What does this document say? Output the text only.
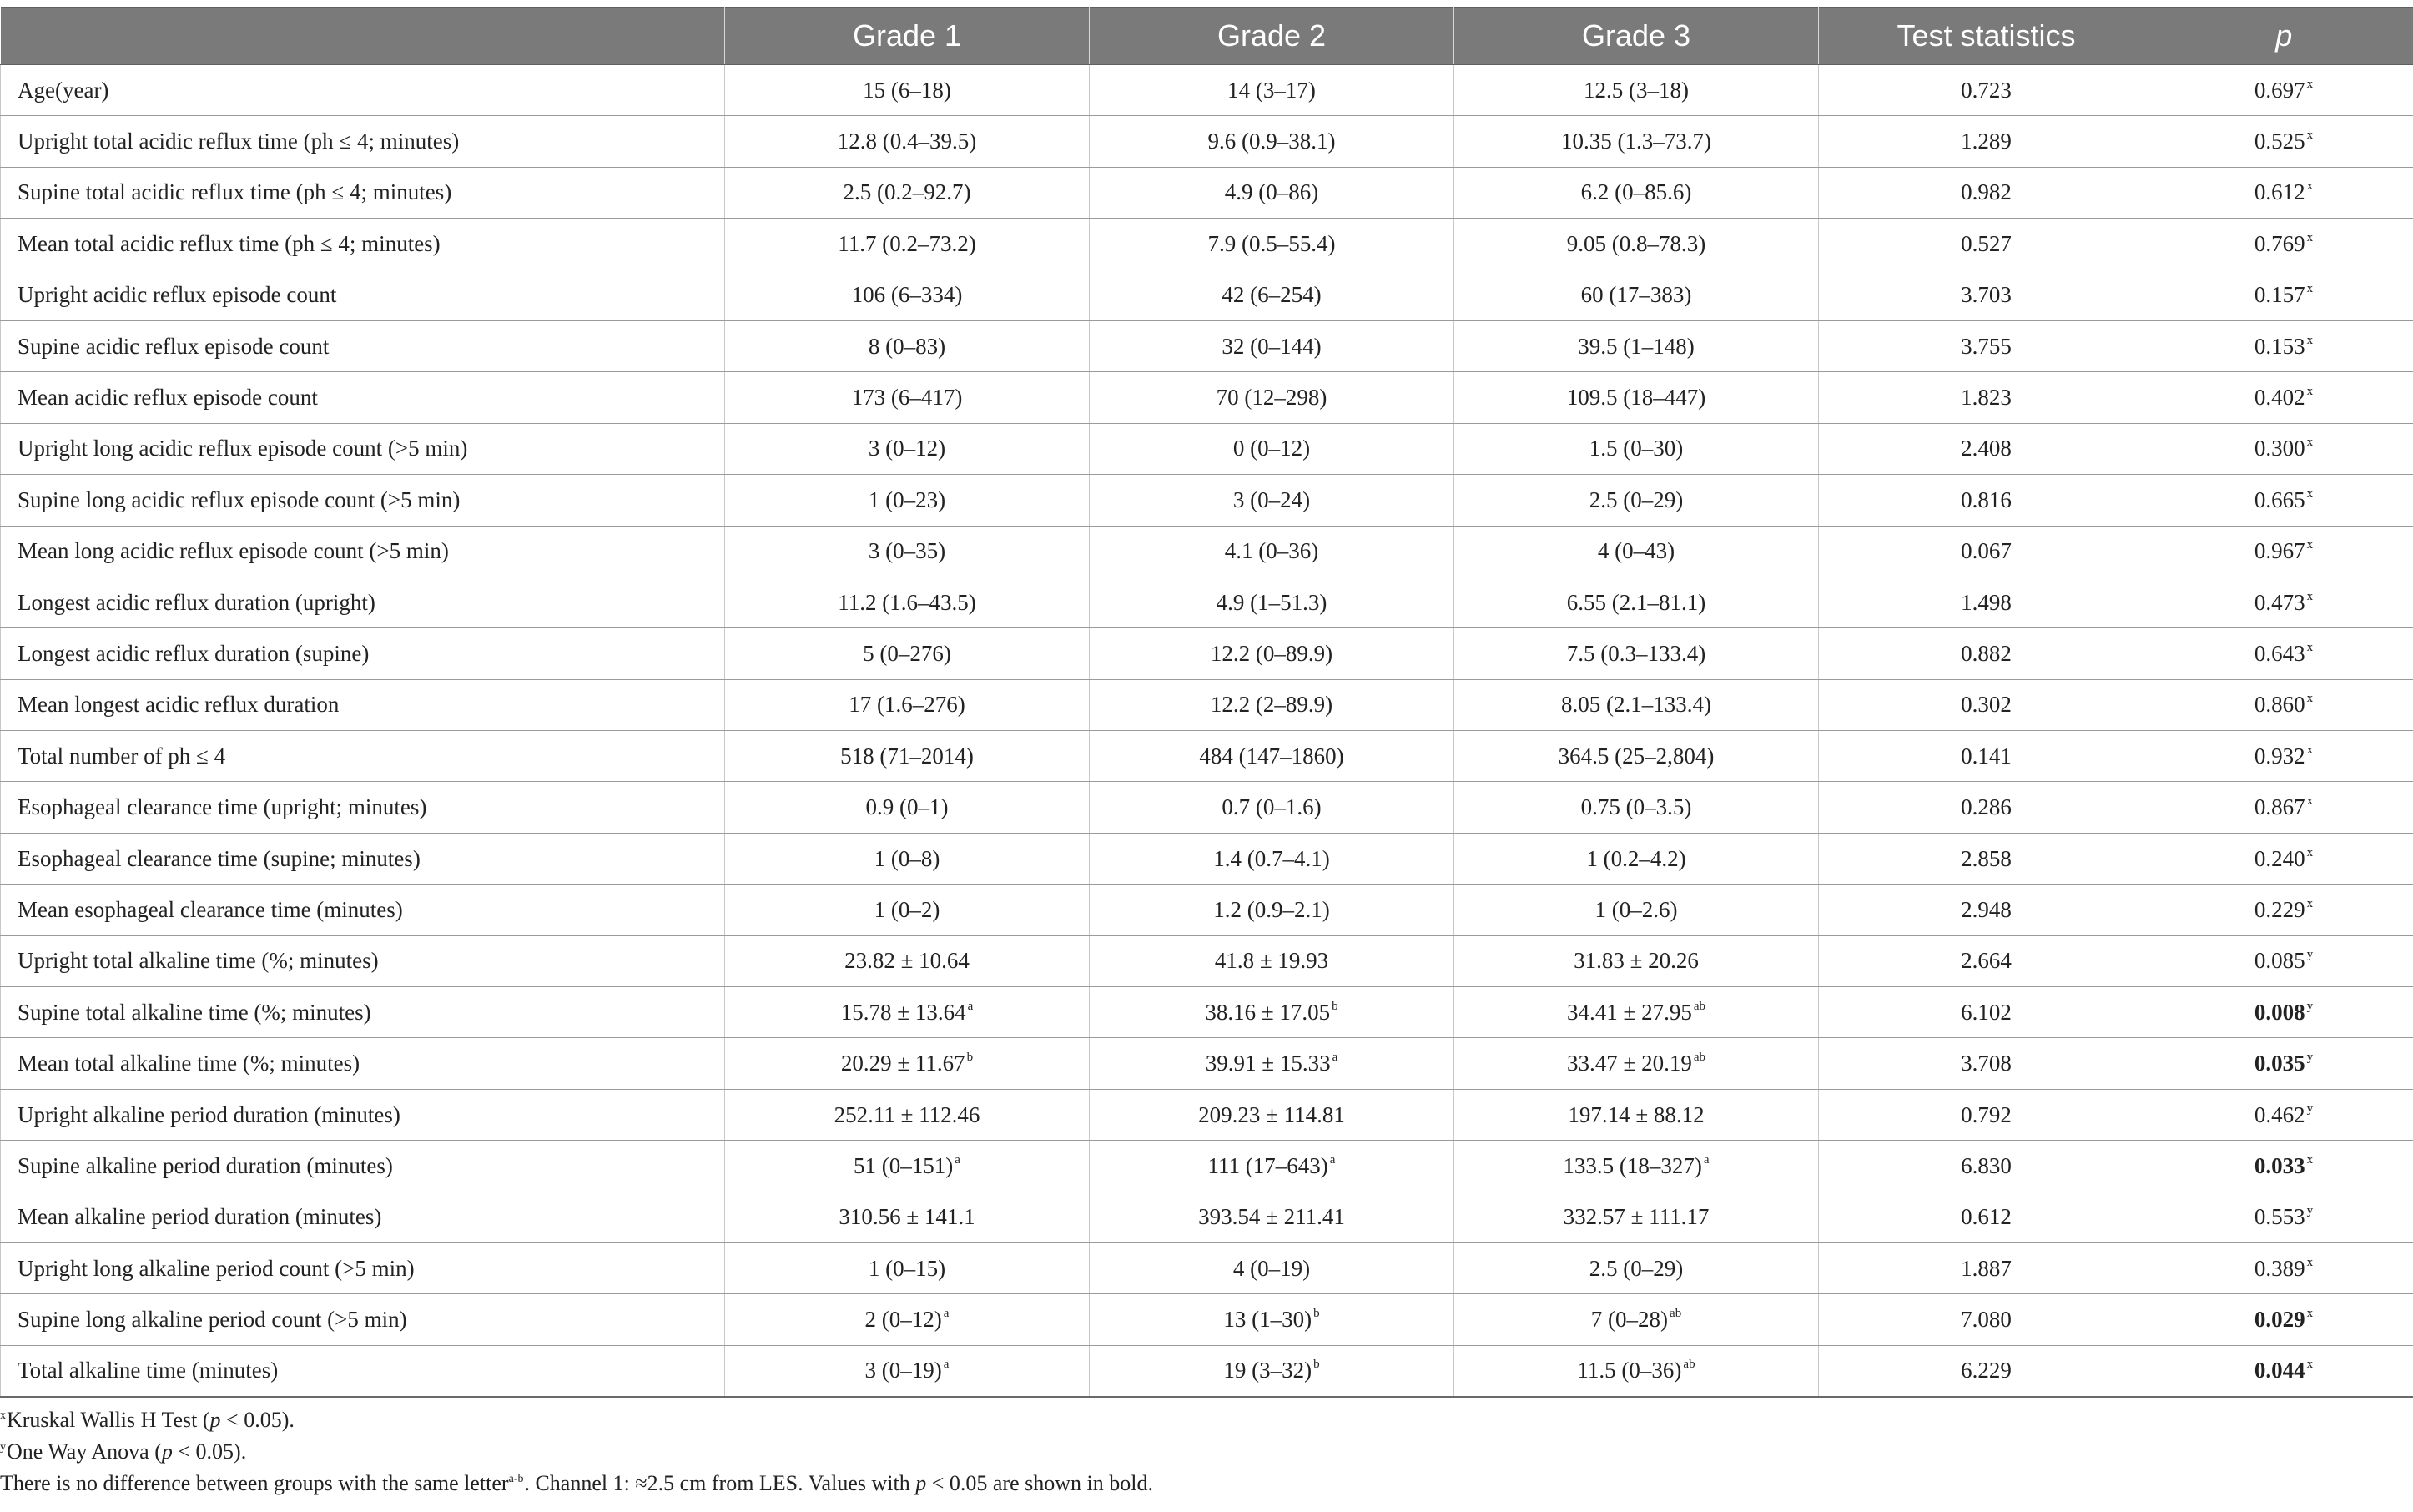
	Grade 1	Grade 2	Grade 3	Test statistics	p
Age(year)	15 (6–18)	14 (3–17)	12.5 (3–18)	0.723	0.697 $^x$
Upright total acidic reflux time (ph ≤ 4; minutes)	12.8 (0.4–39.5)	9.6 (0.9–38.1)	10.35 (1.3–73.7)	1.289	0.525 $^x$
Supine total acidic reflux time (ph ≤ 4; minutes)	2.5 (0.2–92.7)	4.9 (0–86)	6.2 (0–85.6)	0.982	0.612 $^x$
Mean total acidic reflux time (ph ≤ 4; minutes)	11.7 (0.2–73.2)	7.9 (0.5–55.4)	9.05 (0.8–78.3)	0.527	0.769 $^x$
Upright acidic reflux episode count	106 (6–334)	42 (6–254)	60 (17–383)	3.703	0.157 $^x$
Supine acidic reflux episode count	8 (0–83)	32 (0–144)	39.5 (1–148)	3.755	0.153 $^x$
Mean acidic reflux episode count	173 (6–417)	70 (12–298)	109.5 (18–447)	1.823	0.402 $^x$
Upright long acidic reflux episode count (>5 min)	3 (0–12)	0 (0–12)	1.5 (0–30)	2.408	0.300 $^x$
Supine long acidic reflux episode count (>5 min)	1 (0–23)	3 (0–24)	2.5 (0–29)	0.816	0.665 $^x$
Mean long acidic reflux episode count (>5 min)	3 (0–35)	4.1 (0–36)	4 (0–43)	0.067	0.967 $^x$
Longest acidic reflux duration (upright)	11.2 (1.6–43.5)	4.9 (1–51.3)	6.55 (2.1–81.1)	1.498	0.473 $^x$
Longest acidic reflux duration (supine)	5 (0–276)	12.2 (0–89.9)	7.5 (0.3–133.4)	0.882	0.643 $^x$
Mean longest acidic reflux duration	17 (1.6–276)	12.2 (2–89.9)	8.05 (2.1–133.4)	0.302	0.860 $^x$
Total number of ph ≤ 4	518 (71–2014)	484 (147–1860)	364.5 (25–2,804)	0.141	0.932 $^x$
Esophageal clearance time (upright; minutes)	0.9 (0–1)	0.7 (0–1.6)	0.75 (0–3.5)	0.286	0.867 $^x$
Esophageal clearance time (supine; minutes)	1 (0–8)	1.4 (0.7–4.1)	1 (0.2–4.2)	2.858	0.240 $^x$
Mean esophageal clearance time (minutes)	1 (0–2)	1.2 (0.9–2.1)	1 (0–2.6)	2.948	0.229 $^x$
Upright total alkaline time (%; minutes)	23.82 ± 10.64	41.8 ± 19.93	31.83 ± 20.26	2.664	0.085 $^y$
Supine total alkaline time (%; minutes)	15.78 ± 13.64 $^a$	38.16 ± 17.05 $^b$	34.41 ± 27.95 $^{ab}$	6.102	0.008 $^y$
Mean total alkaline time (%; minutes)	20.29 ± 11.67 $^b$	39.91 ± 15.33 $^a$	33.47 ± 20.19 $^{ab}$	3.708	0.035 $^y$
Upright alkaline period duration (minutes)	252.11 ± 112.46	209.23 ± 114.81	197.14 ± 88.12	0.792	0.462 $^y$
Supine alkaline period duration (minutes)	51 (0–151) $^a$	111 (17–643) $^a$	133.5 (18–327) $^a$	6.830	0.033 $^x$
Mean alkaline period duration (minutes)	310.56 ± 141.1	393.54 ± 211.41	332.57 ± 111.17	0.612	0.553 $^y$
Upright long alkaline period count (>5 min)	1 (0–15)	4 (0–19)	2.5 (0–29)	1.887	0.389 $^x$
Supine long alkaline period count (>5 min)	2 (0–12) $^a$	13 (1–30) $^b$	7 (0–28) $^{ab}$	7.080	0.029 $^x$
Total alkaline time (minutes)	3 (0–19) $^a$	19 (3–32) $^b$	11.5 (0–36) $^{ab}$	6.229	0.044 $^x$
$^x$Kruskal Wallis H Test (p < 0.05).
$^y$One Way Anova (p < 0.05).
There is no difference between groups with the same letter$^{a-b}$. Channel 1: ≈2.5 cm from LES. Values with p < 0.05 are shown in bold.
